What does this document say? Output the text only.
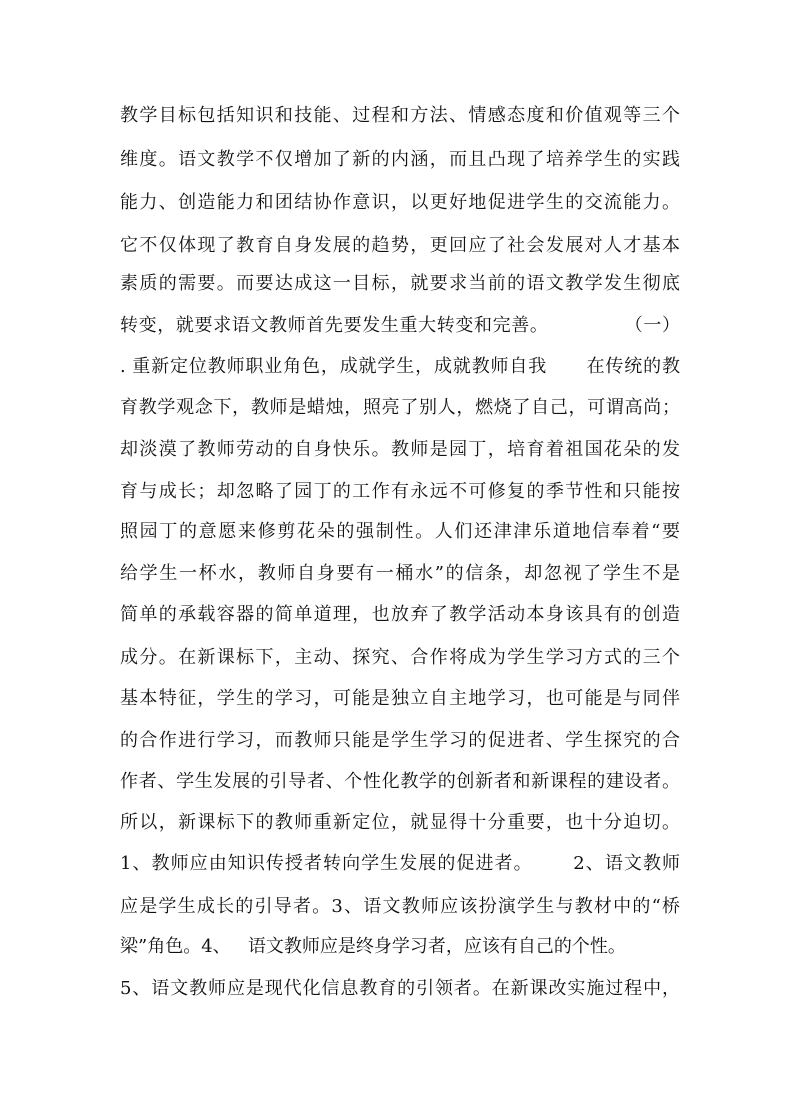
教学目标包括知识和技能、过程和方法、情感态度和价值观等三个
维度。语文教学不仅增加了新的内涵，而且凸现了培养学生的实践
能力、创造能力和团结协作意识，以更好地促进学生的交流能力。
它不仅体现了教育自身发展的趋势，更回应了社会发展对人才基本
素质的需要。而要达成这一目标，就要求当前的语文教学发生彻底
转变，就要求语文教师首先要发生重大转变和完善。            （一）
. 重新定位教师职业角色，成就学生，成就教师自我      在传统的教
育教学观念下，教师是蜡烛，照亮了别人，燃烧了自己，可谓高尚；
却淡漠了教师劳动的自身快乐。教师是园丁，培育着祖国花朵的发
育与成长；却忽略了园丁的工作有永远不可修复的季节性和只能按
照园丁的意愿来修剪花朵的强制性。人们还津津乐道地信奉着“要
给学生一杯水，教师自身要有一桶水”的信条，却忽视了学生不是
简单的承载容器的简单道理，也放弃了教学活动本身该具有的创造
成分。在新课标下，主动、探究、合作将成为学生学习方式的三个
基本特征，学生的学习，可能是独立自主地学习，也可能是与同伴
的合作进行学习，而教师只能是学生学习的促进者、学生探究的合
作者、学生发展的引导者、个性化教学的创新者和新课程的建设者。
所以，新课标下的教师重新定位，就显得十分重要，也十分迫切。
1、教师应由知识传授者转向学生发展的促进者。      2、语文教师
应是学生成长的引导者。3、语文教师应该扮演学生与教材中的“桥
梁”角色。4、   语文教师应是终身学习者，应该有自己的个性。
5、语文教师应是现代化信息教育的引领者。在新课改实施过程中，
